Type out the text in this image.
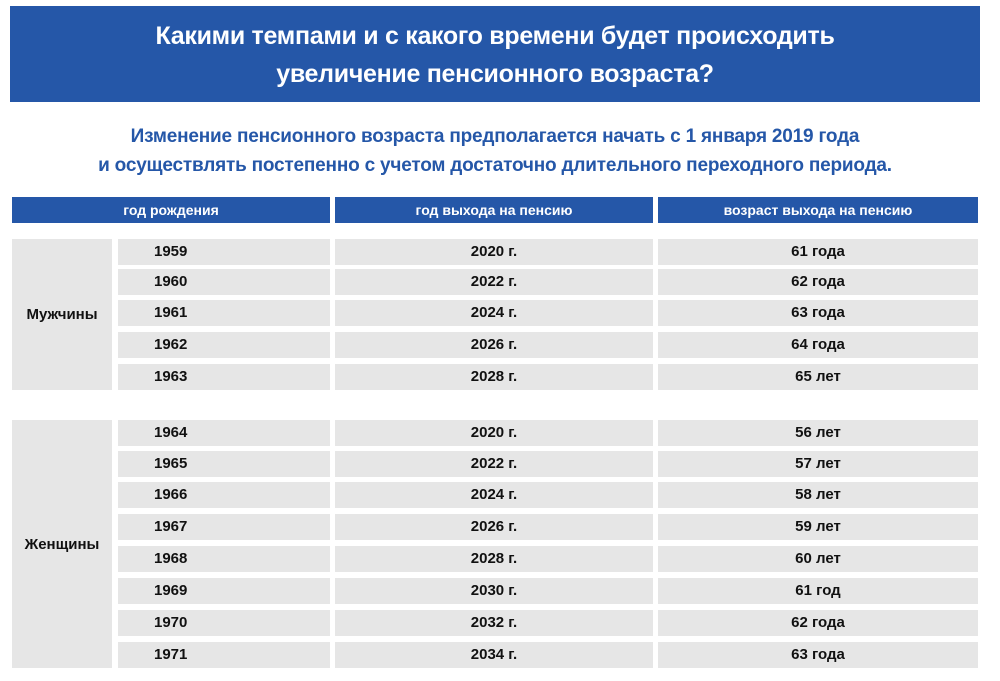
Какими темпами и с какого времени будет происходить
увеличение пенсионного возраста?
Изменение пенсионного возраста предполагается начать с 1 января 2019 года
и осуществлять постепенно с учетом достаточно длительного переходного периода.
год рождения	год выхода на пенсию	возраст выхода на пенсию
Мужчины
1959	2020 г.	61 года
1960	2022 г.	62 года
1961	2024 г.	63 года
1962	2026 г.	64 года
1963	2028 г.	65 лет
Женщины
1964	2020 г.	56 лет
1965	2022 г.	57 лет
1966	2024 г.	58 лет
1967	2026 г.	59 лет
1968	2028 г.	60 лет
1969	2030 г.	61 год
1970	2032 г.	62 года
1971	2034 г.	63 года
